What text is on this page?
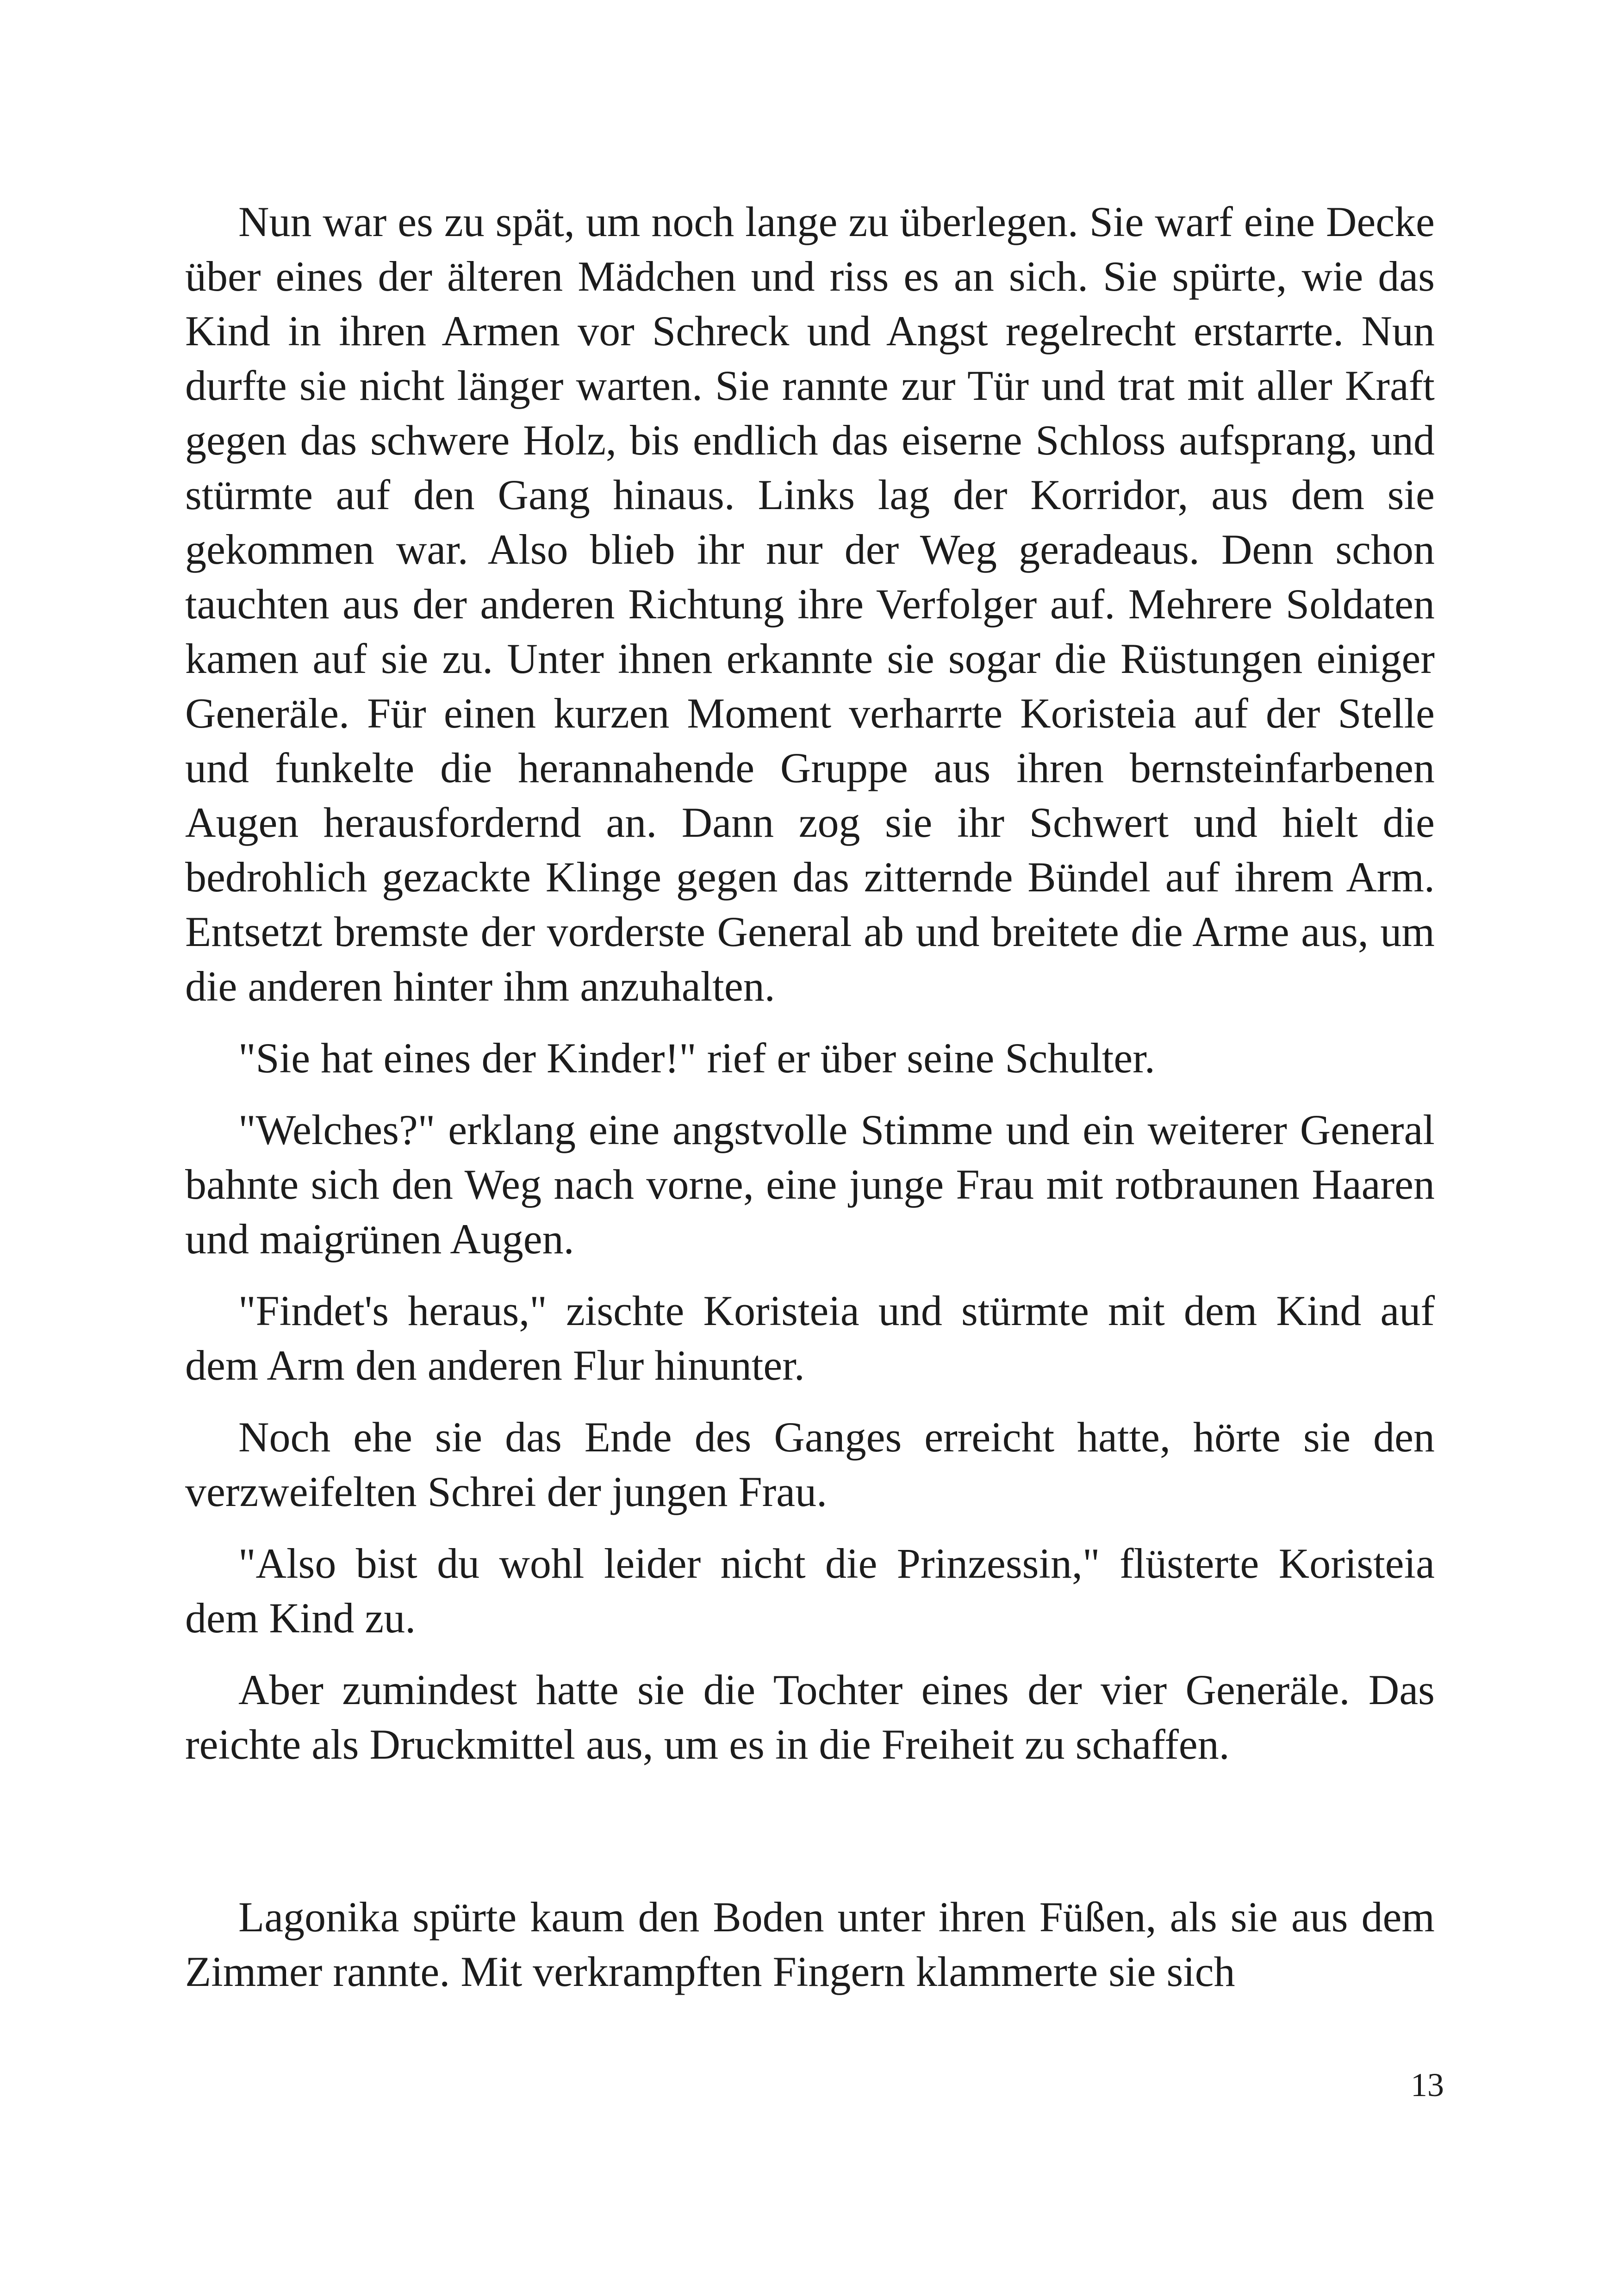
Nun war es zu spät, um noch lange zu überlegen. Sie warf eine Decke über eines der älteren Mädchen und riss es an sich. Sie spürte, wie das Kind in ihren Armen vor Schreck und Angst regelrecht erstarrte. Nun durfte sie nicht länger warten. Sie rannte zur Tür und trat mit aller Kraft gegen das schwere Holz, bis endlich das eiserne Schloss aufsprang, und stürmte auf den Gang hinaus. Links lag der Korridor, aus dem sie gekommen war. Also blieb ihr nur der Weg geradeaus. Denn schon tauchten aus der anderen Richtung ihre Verfolger auf. Mehrere Soldaten kamen auf sie zu. Unter ihnen erkannte sie sogar die Rüstungen einiger Generäle. Für einen kurzen Moment verharrte Koristeia auf der Stelle und funkelte die herannahende Gruppe aus ihren bernsteinfarbenen Augen herausfordernd an. Dann zog sie ihr Schwert und hielt die bedrohlich gezackte Klinge gegen das zitternde Bündel auf ihrem Arm. Entsetzt bremste der vorderste General ab und breitete die Arme aus, um die anderen hinter ihm anzuhalten.

"Sie hat eines der Kinder!" rief er über seine Schulter.

"Welches?" erklang eine angstvolle Stimme und ein weiterer General bahnte sich den Weg nach vorne, eine junge Frau mit rotbraunen Haaren und maigrünen Augen.

"Findet's heraus," zischte Koristeia und stürmte mit dem Kind auf dem Arm den anderen Flur hinunter.

Noch ehe sie das Ende des Ganges erreicht hatte, hörte sie den verzweifelten Schrei der jungen Frau.

"Also bist du wohl leider nicht die Prinzessin," flüsterte Koristeia dem Kind zu.

Aber zumindest hatte sie die Tochter eines der vier Generäle. Das reichte als Druckmittel aus, um es in die Freiheit zu schaffen.

Lagonika spürte kaum den Boden unter ihren Füßen, als sie aus dem Zimmer rannte. Mit verkrampften Fingern klammerte sie sich

13
